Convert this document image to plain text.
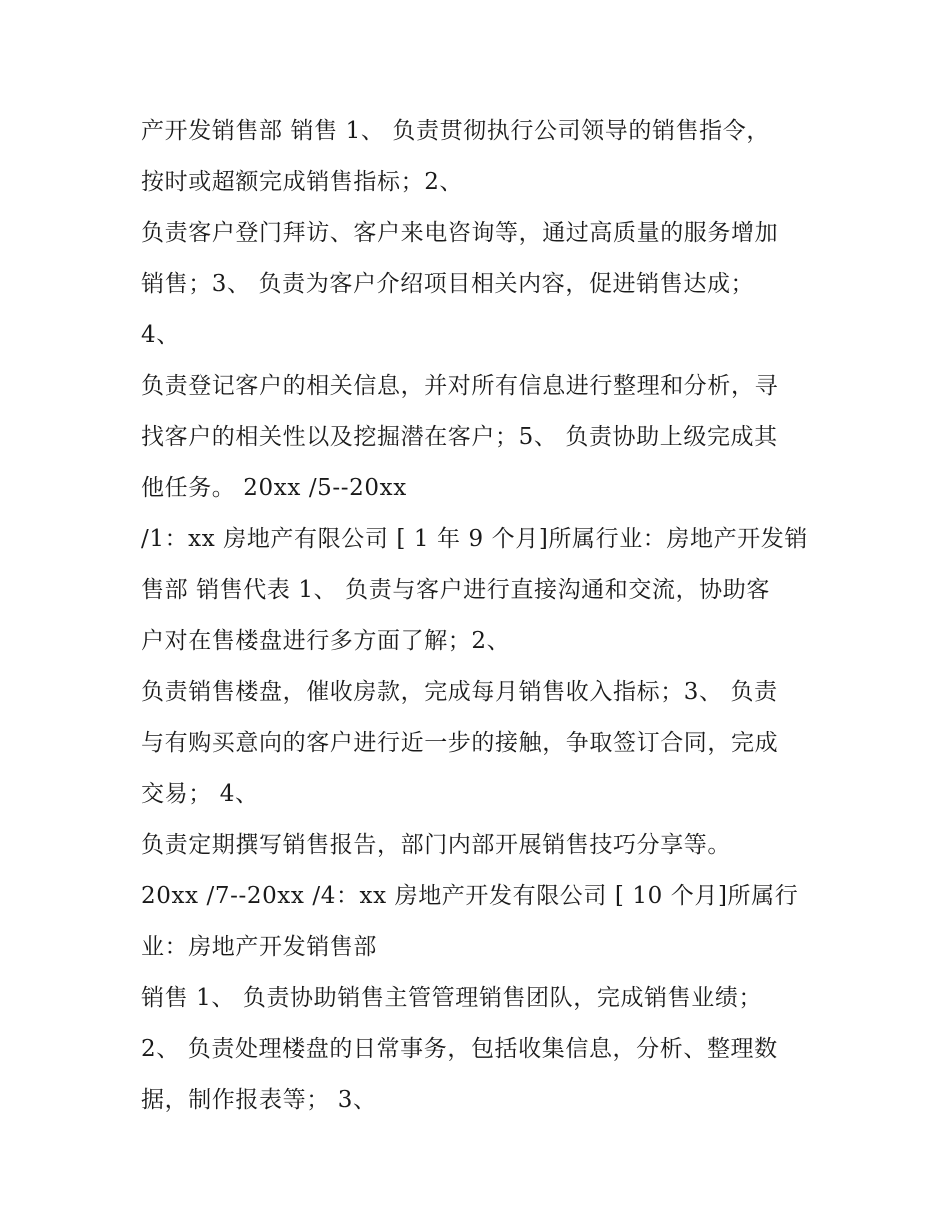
产开发销售部 销售 1、 负责贯彻执行公司领导的销售指令，
按时或超额完成销售指标；2、
负责客户登门拜访、客户来电咨询等，通过高质量的服务增加
销售；3、 负责为客户介绍项目相关内容，促进销售达成；
4、
负责登记客户的相关信息，并对所有信息进行整理和分析，寻
找客户的相关性以及挖掘潜在客户；5、 负责协助上级完成其
他任务。 20xx /5--20xx
/1：xx 房地产有限公司 [ 1 年 9 个月]所属行业：房地产开发销
售部 销售代表 1、 负责与客户进行直接沟通和交流，协助客
户对在售楼盘进行多方面了解；2、
负责销售楼盘，催收房款，完成每月销售收入指标；3、 负责
与有购买意向的客户进行近一步的接触，争取签订合同，完成
交易； 4、
负责定期撰写销售报告，部门内部开展销售技巧分享等。
20xx /7--20xx /4：xx 房地产开发有限公司 [ 10 个月]所属行
业：房地产开发销售部
销售 1、 负责协助销售主管管理销售团队，完成销售业绩；
2、 负责处理楼盘的日常事务，包括收集信息，分析、整理数
据，制作报表等； 3、
